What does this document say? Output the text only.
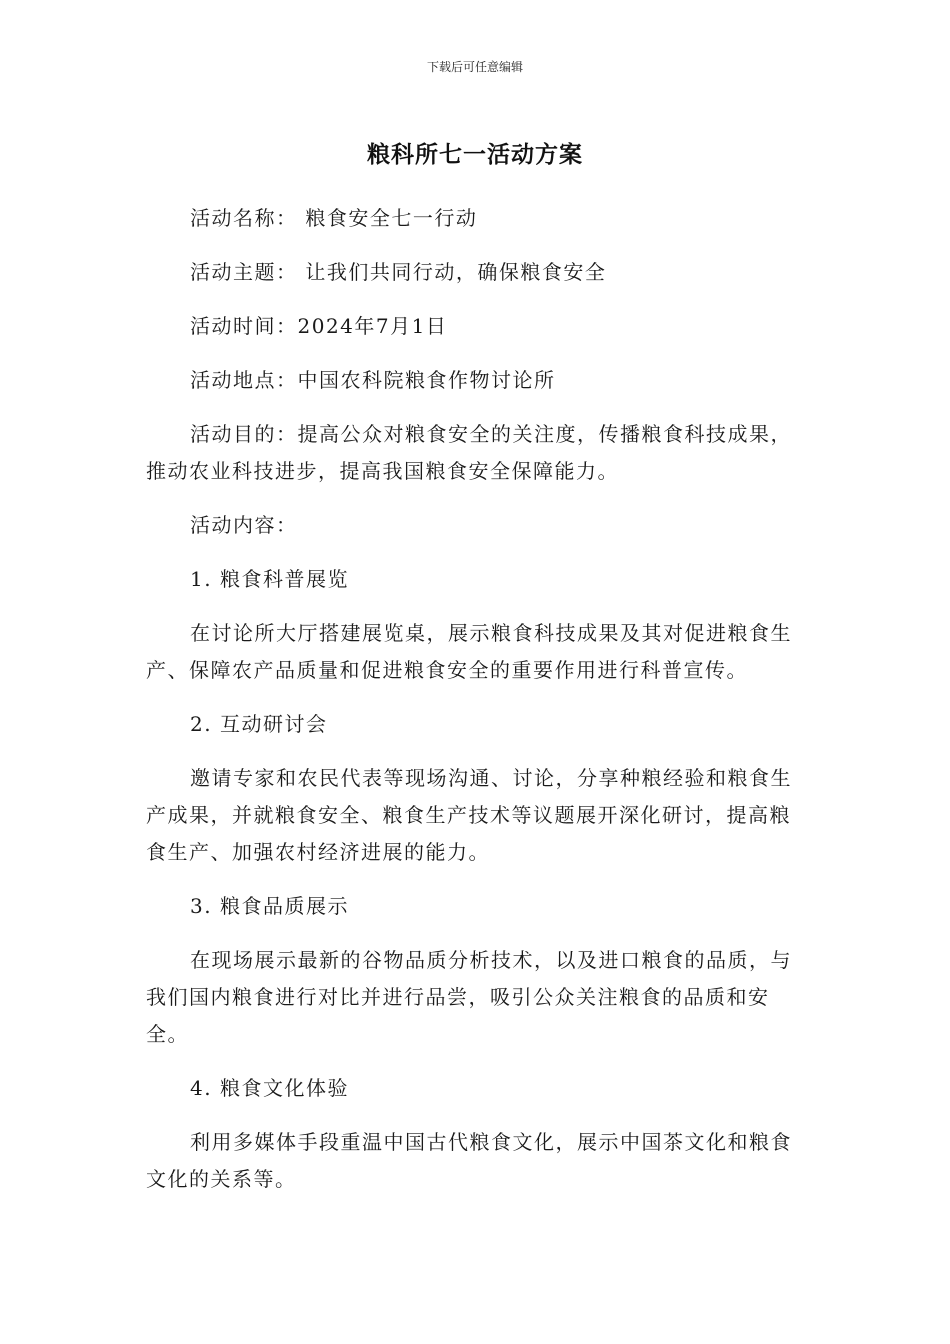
下载后可任意编辑
粮科所七一活动方案

活动名称： 粮食安全七一行动

活动主题： 让我们共同行动，确保粮食安全

活动时间：2024年7月1日

活动地点：中国农科院粮食作物讨论所

活动目的：提高公众对粮食安全的关注度，传播粮食科技成果，推动农业科技进步，提高我国粮食安全保障能力。

活动内容：

1. 粮食科普展览

在讨论所大厅搭建展览桌，展示粮食科技成果及其对促进粮食生产、保障农产品质量和促进粮食安全的重要作用进行科普宣传。

2. 互动研讨会

邀请专家和农民代表等现场沟通、讨论，分享种粮经验和粮食生产成果，并就粮食安全、粮食生产技术等议题展开深化研讨，提高粮食生产、加强农村经济进展的能力。

3. 粮食品质展示

在现场展示最新的谷物品质分析技术，以及进口粮食的品质，与我们国内粮食进行对比并进行品尝，吸引公众关注粮食的品质和安全。

4. 粮食文化体验

利用多媒体手段重温中国古代粮食文化，展示中国茶文化和粮食文化的关系等。
